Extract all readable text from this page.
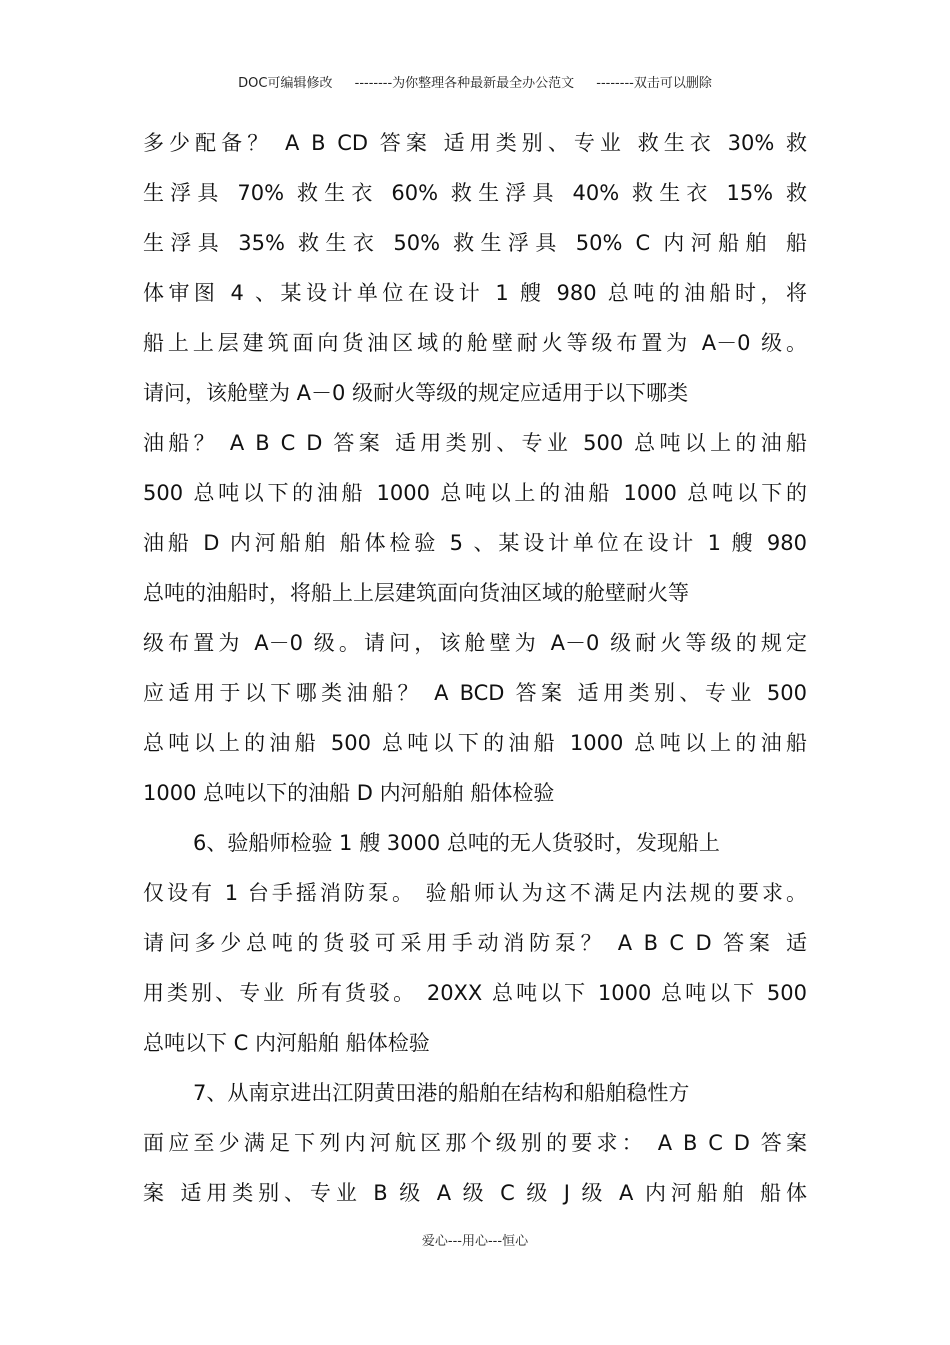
DOC可编辑修改 --------为你整理各种最新最全办公范文 --------双击可以删除
多少配备？ A B CD 答案 适用类别、专业 救生衣 30% 救
生浮具 70% 救生衣 60% 救生浮具 40% 救生衣 15% 救
生浮具 35% 救生衣 50% 救生浮具 50% C 内河船舶 船
体审图 4 、某设计单位在设计 1 艘 980 总吨的油船时，将
船上上层建筑面向货油区域的舱壁耐火等级布置为 A－0 级。
请问，该舱壁为 A－0 级耐火等级的规定应适用于以下哪类
油船？ A B C D 答案 适用类别、专业 500 总吨以上的油船
500 总吨以下的油船 1000 总吨以上的油船 1000 总吨以下的
油船 D 内河船舶 船体检验 5 、某设计单位在设计 1 艘 980
总吨的油船时，将船上上层建筑面向货油区域的舱壁耐火等
级布置为 A－0 级。请问，该舱壁为 A－0 级耐火等级的规定
应适用于以下哪类油船？ A BCD 答案 适用类别、专业 500
总吨以上的油船 500 总吨以下的油船 1000 总吨以上的油船
1000 总吨以下的油船 D 内河船舶 船体检验
6、验船师检验 1 艘 3000 总吨的无人货驳时，发现船上
仅设有 1 台手摇消防泵。 验船师认为这不满足内法规的要求。
请问多少总吨的货驳可采用手动消防泵？ A B C D 答案 适
用类别、专业 所有货驳。 20XX 总吨以下 1000 总吨以下 500
总吨以下 C 内河船舶 船体检验
7、从南京进出江阴黄田港的船舶在结构和船舶稳性方
面应至少满足下列内河航区那个级别的要求： A B C D 答案
案 适用类别、专业 B 级 A 级 C 级 J 级 A 内河船舶 船体
爱心---用心---恒心
